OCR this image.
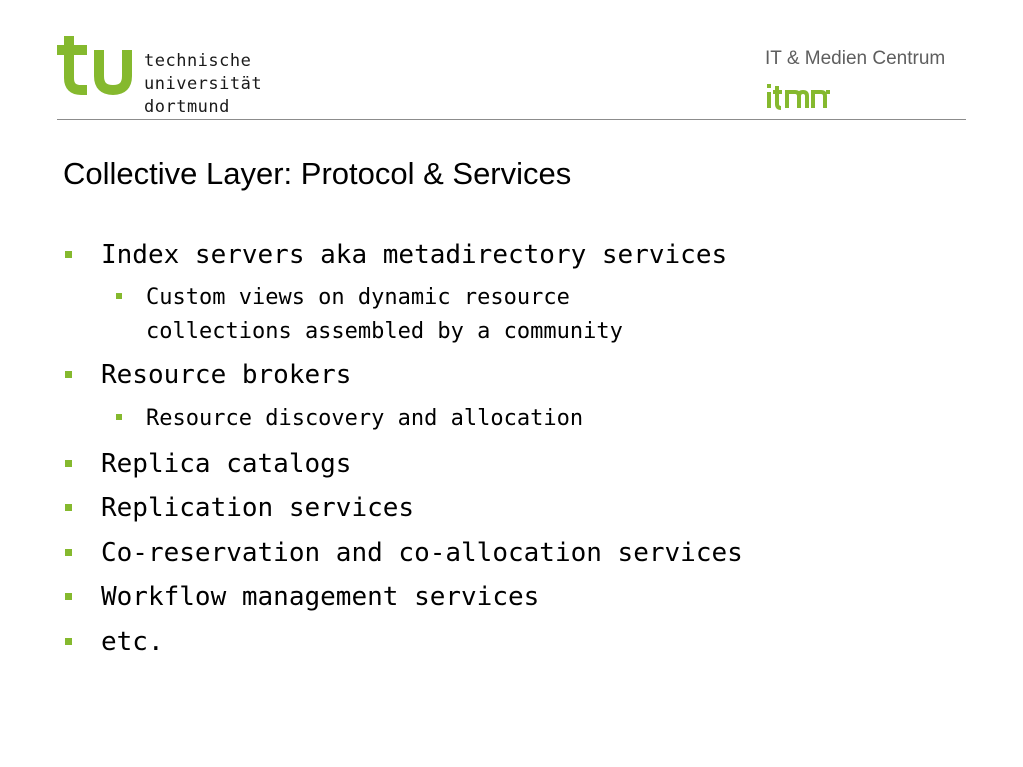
technische
universität
dortmund
IT & Medien Centrum
Collective Layer: Protocol & Services
Index servers aka metadirectory services
Custom views on dynamic resource
collections assembled by a community
Resource brokers
Resource discovery and allocation
Replica catalogs
Replication services
Co-reservation and co-allocation services
Workflow management services
etc.
